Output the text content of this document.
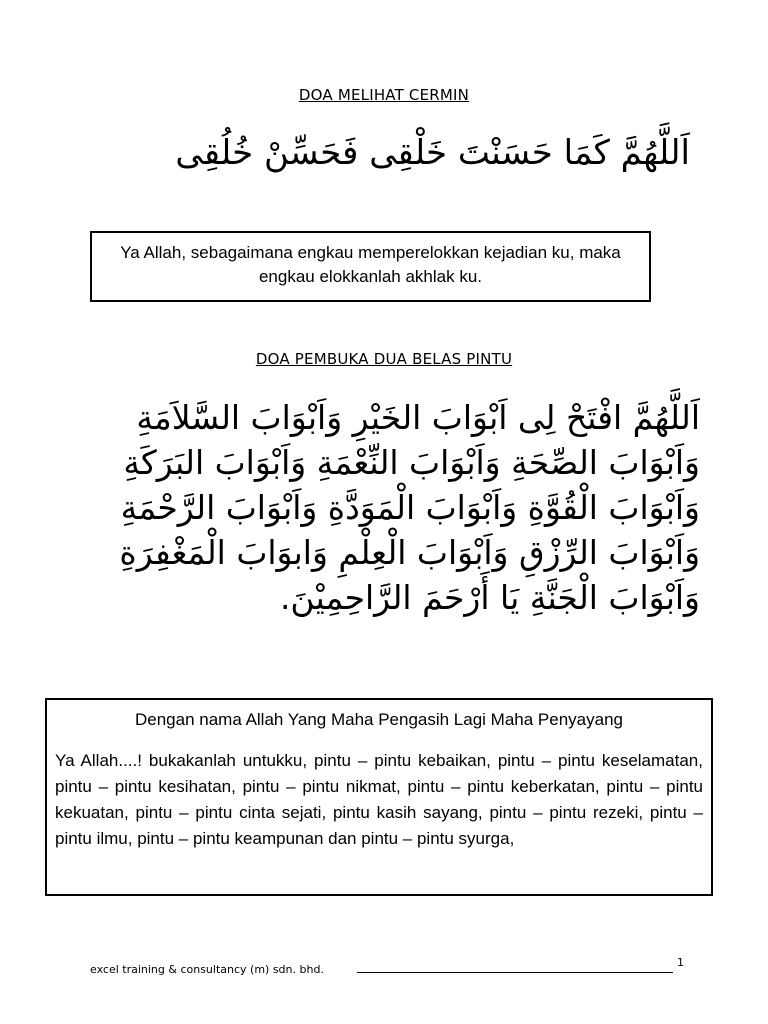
DOA MELIHAT CERMIN
اَللَّهُمَّ كَمَا حَسَنْتَ خَلْقِى فَحَسِّنْ خُلُقِى
Ya Allah, sebagaimana engkau memperelokkan kejadian ku, maka engkau elokkanlah akhlak ku.
DOA PEMBUKA DUA BELAS PINTU
اَللَّهُمَّ افْتَحْ لِى اَبْوَابَ الخَيْرِ وَاَبْوَابَ السَّلاَمَةِ وَاَبْوَابَ الصِّحَةِ وَاَبْوَابَ النِّعْمَةِ وَاَبْوَابَ البَرَكَةِ وَاَبْوَابَ الْقُوَّةِ وَاَبْوَابَ الْمَوَدَّةِ وَاَبْوَابَ الرَّحْمَةِ وَاَبْوَابَ الرِّزْقِ وَاَبْوَابَ الْعِلْمِ وَابوَابَ الْمَغْفِرَةِ وَاَبْوَابَ الْجَنَّةِ يَا أَرْحَمَ الرَّاحِمِيْنَ.
Dengan nama Allah Yang Maha Pengasih Lagi Maha Penyayang
Ya Allah....! bukakanlah untukku, pintu – pintu kebaikan, pintu – pintu keselamatan, pintu – pintu kesihatan, pintu – pintu nikmat, pintu – pintu keberkatan, pintu – pintu kekuatan, pintu – pintu cinta sejati, pintu kasih sayang, pintu – pintu rezeki, pintu – pintu ilmu, pintu – pintu keampunan dan pintu – pintu syurga,
excel training & consultancy (m) sdn. bhd.
1
